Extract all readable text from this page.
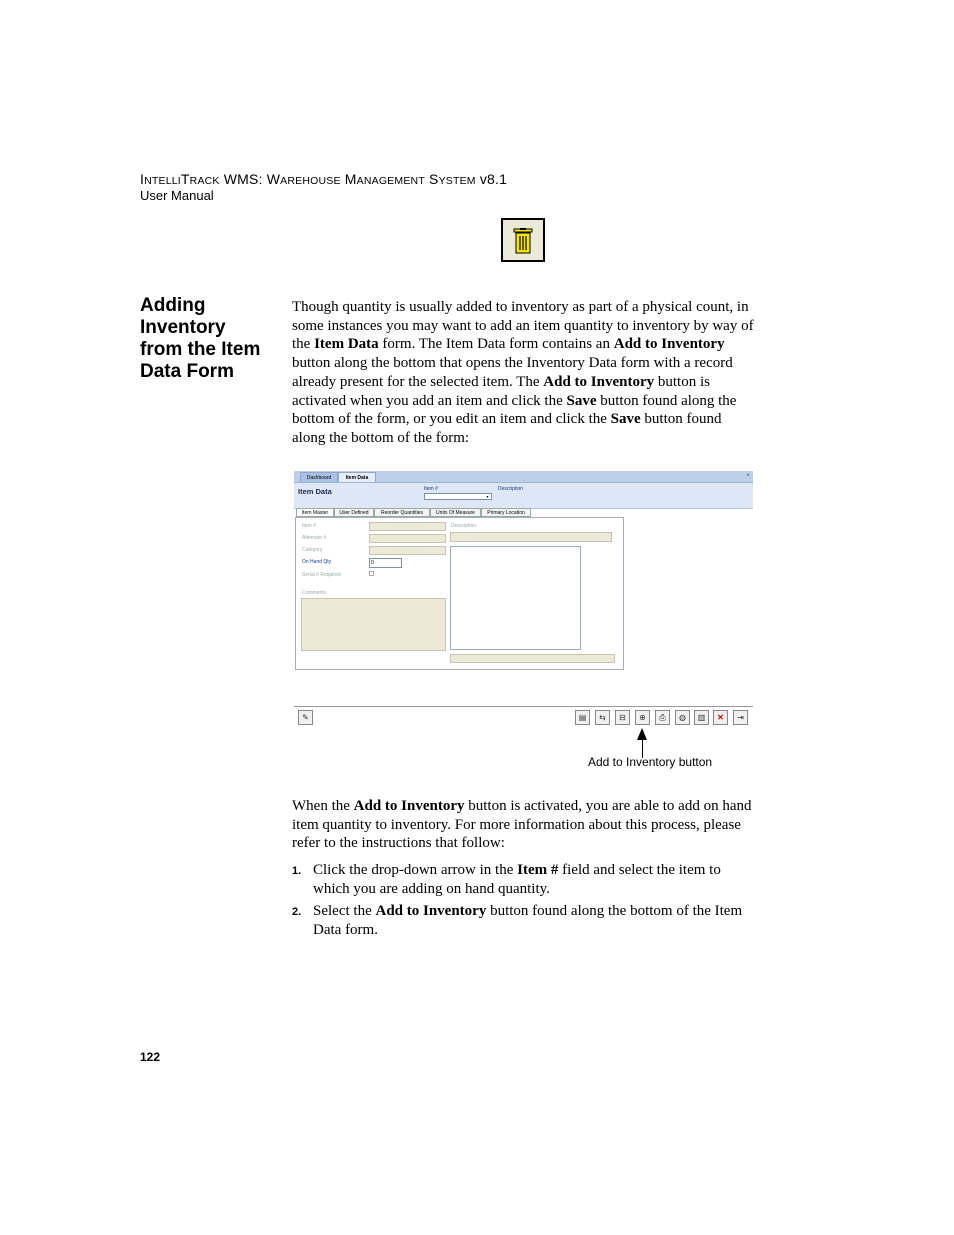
INTELLITRACK WMS: WAREHOUSE MANAGEMENT SYSTEM v8.1
User Manual
Adding Inventory from the Item Data Form
Though quantity is usually added to inventory as part of a physical count, in some instances you may want to add an item quantity to inventory by way of the Item Data form. The Item Data form contains an Add to Inventory button along the bottom that opens the Inventory Data form with a record already present for the selected item. The Add to Inventory button is activated when you add an item and click the Save button found along the bottom of the form, or you edit an item and click the Save button found along the bottom of the form:
Dashboard	Item Data	×
Item Data	Item #
▾
Description
Item Master	User Defined	Reorder Quantities	Units Of Measure	Primary Location
Item #
Alternate #
Category
On Hand Qty	0
Serial # Required
Comments
Description
✎	▤	⇆	⊟	⊕	⎙	◍	▥	✕	⇥
Add to Inventory button
When the Add to Inventory button is activated, you are able to add on hand item quantity to inventory. For more information about this process, please refer to the instructions that follow:
1. Click the drop-down arrow in the Item # field and select the item to which you are adding on hand quantity.
2. Select the Add to Inventory button found along the bottom of the Item Data form.
122
